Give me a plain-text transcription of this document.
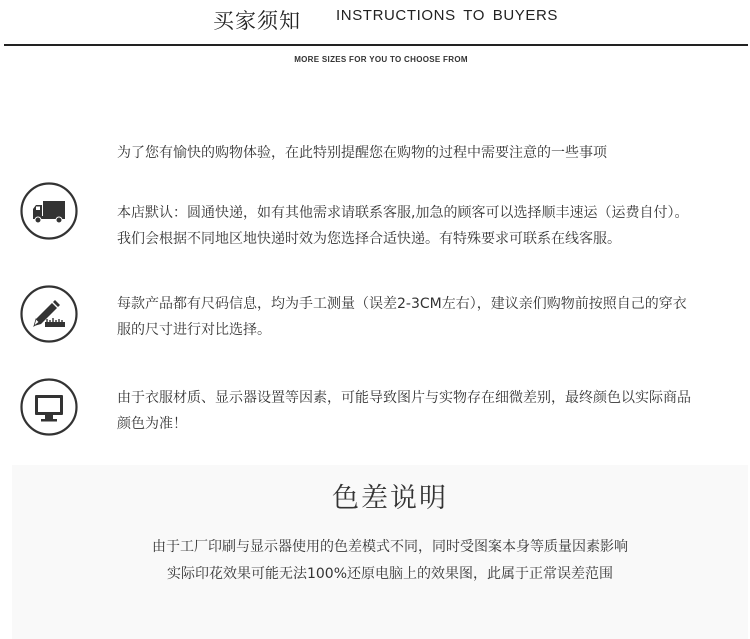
买家须知 INSTRUCTIONS TO BUYERS
MORE SIZES FOR YOU TO CHOOSE FROM
为了您有愉快的购物体验，在此特别提醒您在购物的过程中需要注意的一些事项
本店默认：圆通快递，如有其他需求请联系客服,加急的顾客可以选择顺丰速运（运费自付）。
我们会根据不同地区地快递时效为您选择合适快递。有特殊要求可联系在线客服。
每款产品都有尺码信息，均为手工测量（误差2-3CM左右），建议亲们购物前按照自己的穿衣
服的尺寸进行对比选择。
由于衣服材质、显示器设置等因素，可能导致图片与实物存在细微差别，最终颜色以实际商品
颜色为准！
色差说明
由于工厂印刷与显示器使用的色差模式不同，同时受图案本身等质量因素影响
实际印花效果可能无法100%还原电脑上的效果图，此属于正常误差范围
